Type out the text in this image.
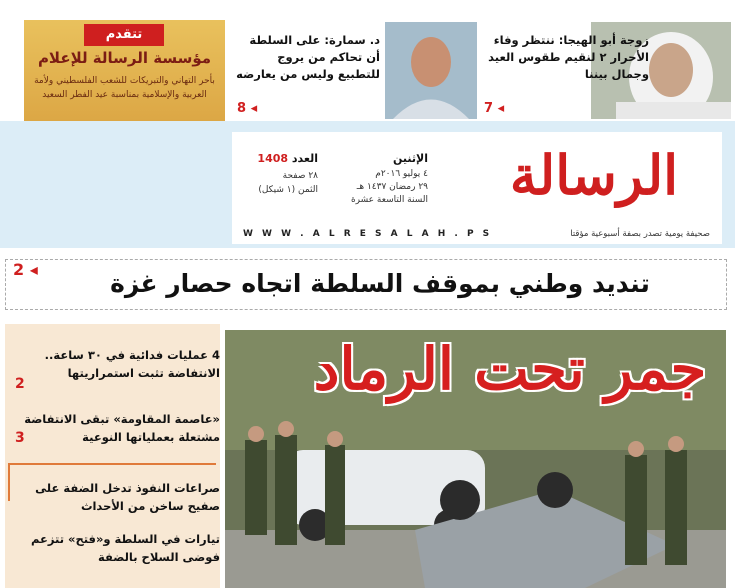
تتقدم
مؤسسة الرسالة للإعلام
بأحر التهاني والتبريكات للشعب الفلسطيني ولأمة العربية والإسلامية بمناسبة عيد الفطر السعيد
زوجة أبو الهيجا: ننتظر وفاء الأحرار ٢ لنقيم طقوس العيد وجمال بيننا
7 ◂
د. سمارة: على السلطة أن تحاكم من يروج للتطبيع وليس من يعارضه
8 ◂
الرسالة
صحيفة يومية تصدر بصفة أسبوعية مؤقتا
الإثنين
٤ يوليو ٢٠١٦م
٢٩ رمضان ١٤٣٧ هـ
السنة التاسعة عشرة
العدد 1408
٢٨ صفحة
الثمن (١ شيكل)
W W W . A L R E S A L A H . P S
تنديد وطني بموقف السلطة اتجاه حصار غزة
2 ◂
4 عمليات فدائية في ٣٠ ساعة.. الانتفاضة تثبت استمراريتها
2
«عاصمة المقاومة» تبقى الانتفاضة مشتعلة بعملياتها النوعية
3
صراعات النفوذ تدخل الضفة على صفيح ساخن من الأحداث
تيارات في السلطة و«فتح» تتزعم فوضى السلاح بالضفة
جمر تحت الرماد
